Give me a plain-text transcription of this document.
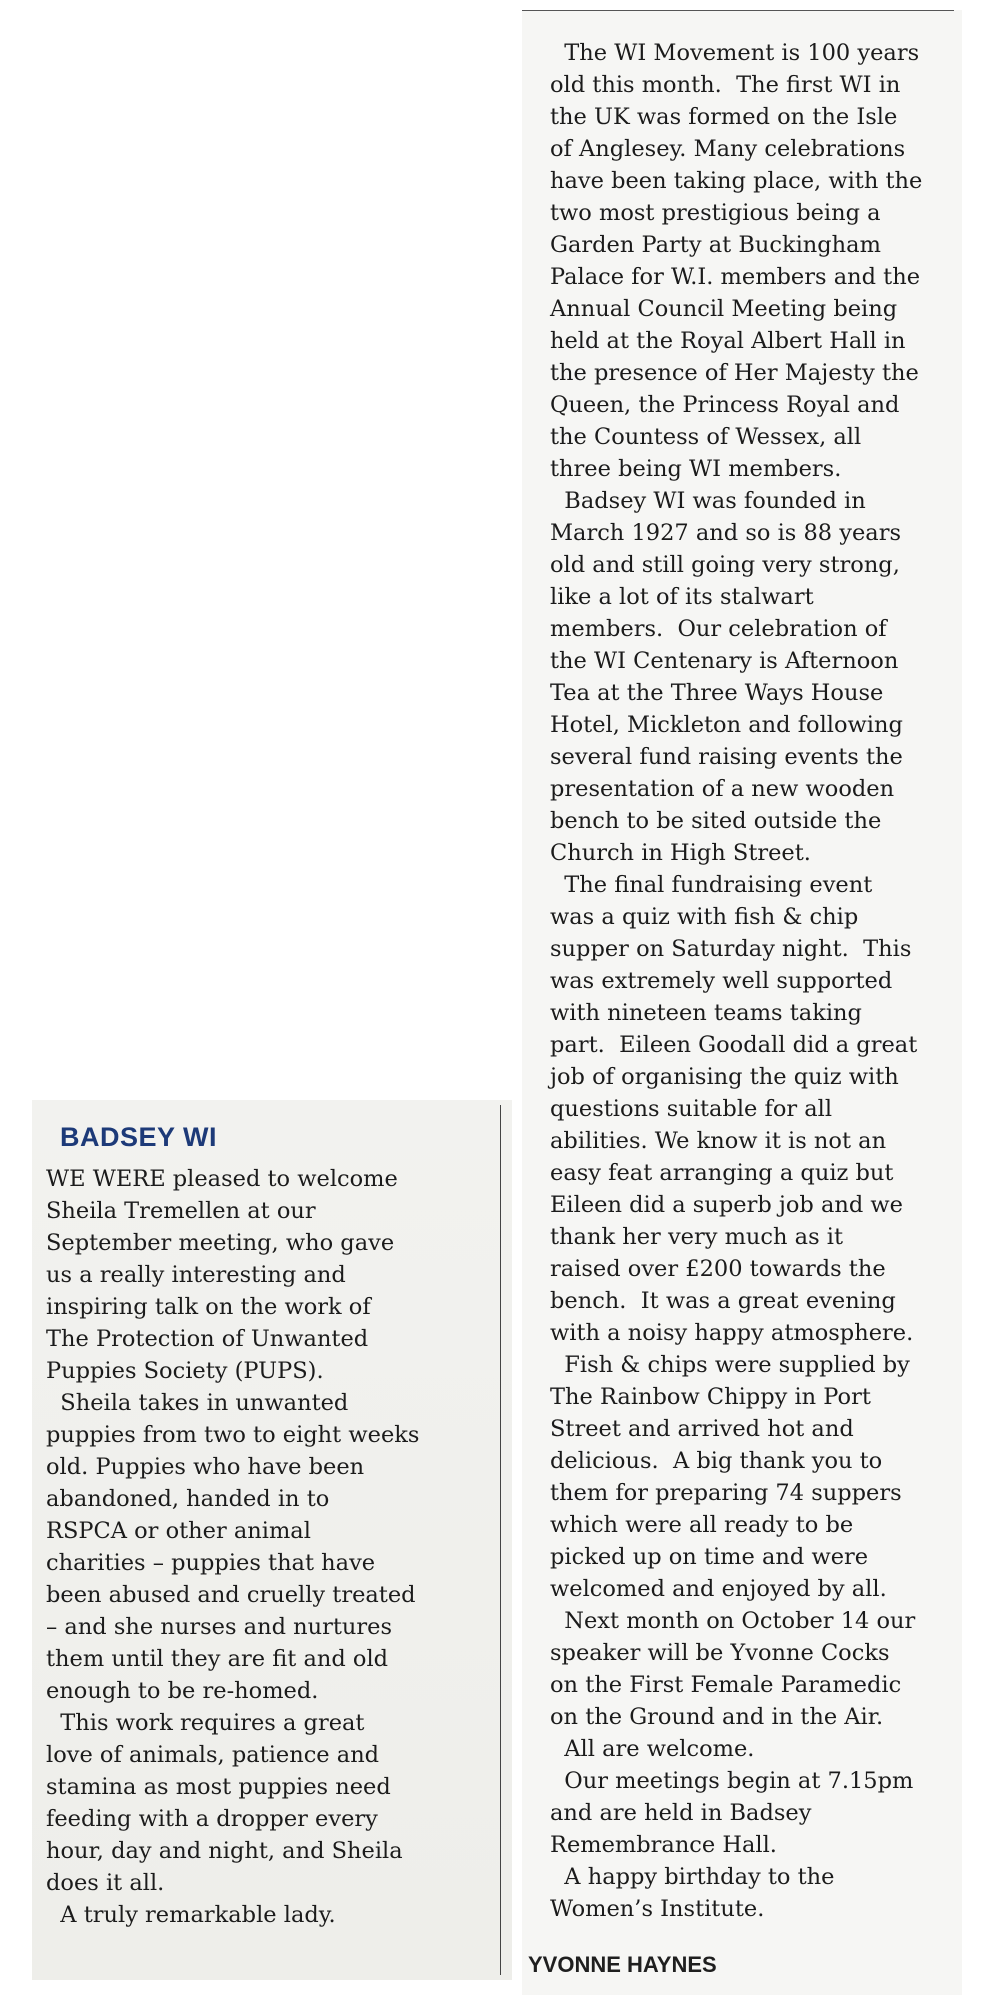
BADSEY WI
WE WERE pleased to welcome
Sheila Tremellen at our
September meeting, who gave
us a really interesting and
inspiring talk on the work of
The Protection of Unwanted
Puppies Society (PUPS).
Sheila takes in unwanted
puppies from two to eight weeks
old. Puppies who have been
abandoned, handed in to
RSPCA or other animal
charities – puppies that have
been abused and cruelly treated
– and she nurses and nurtures
them until they are fit and old
enough to be re-homed.
This work requires a great
love of animals, patience and
stamina as most puppies need
feeding with a dropper every
hour, day and night, and Sheila
does it all.
A truly remarkable lady.
The WI Movement is 100 years
old this month.  The first WI in
the UK was formed on the Isle
of Anglesey. Many celebrations
have been taking place, with the
two most prestigious being a
Garden Party at Buckingham
Palace for W.I. members and the
Annual Council Meeting being
held at the Royal Albert Hall in
the presence of Her Majesty the
Queen, the Princess Royal and
the Countess of Wessex, all
three being WI members.
Badsey WI was founded in
March 1927 and so is 88 years
old and still going very strong,
like a lot of its stalwart
members.  Our celebration of
the WI Centenary is Afternoon
Tea at the Three Ways House
Hotel, Mickleton and following
several fund raising events the
presentation of a new wooden
bench to be sited outside the
Church in High Street.
The final fundraising event
was a quiz with fish & chip
supper on Saturday night.  This
was extremely well supported
with nineteen teams taking
part.  Eileen Goodall did a great
job of organising the quiz with
questions suitable for all
abilities. We know it is not an
easy feat arranging a quiz but
Eileen did a superb job and we
thank her very much as it
raised over £200 towards the
bench.  It was a great evening
with a noisy happy atmosphere.
Fish & chips were supplied by
The Rainbow Chippy in Port
Street and arrived hot and
delicious.  A big thank you to
them for preparing 74 suppers
which were all ready to be
picked up on time and were
welcomed and enjoyed by all.
Next month on October 14 our
speaker will be Yvonne Cocks
on the First Female Paramedic
on the Ground and in the Air.
All are welcome.
Our meetings begin at 7.15pm
and are held in Badsey
Remembrance Hall.
A happy birthday to the
Women’s Institute.

YVONNE HAYNES
